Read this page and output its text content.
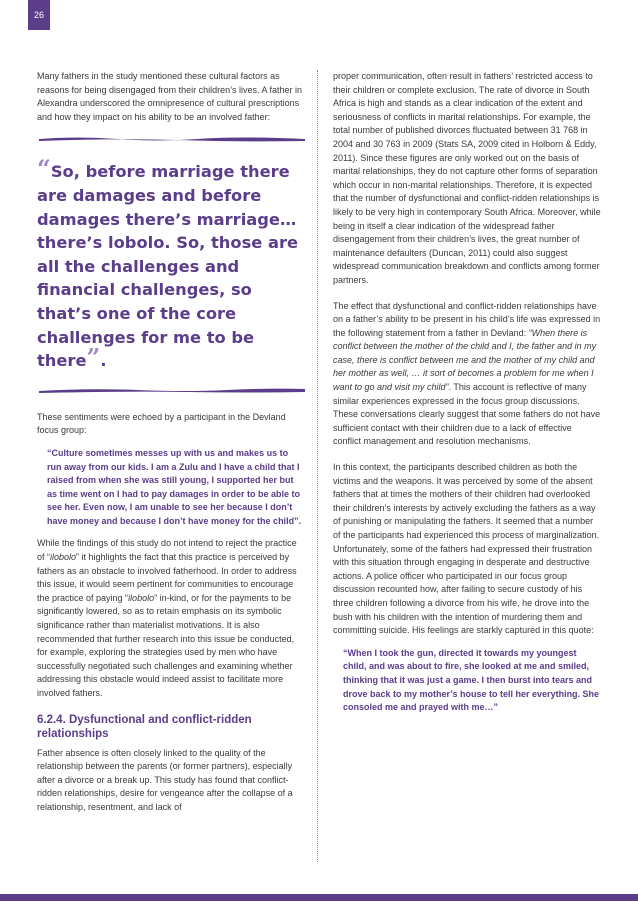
26

Many fathers in the study mentioned these cultural factors as reasons for being disengaged from their children’s lives. A father in Alexandra underscored the omnipresence of cultural prescriptions and how they impact on his ability to be an involved father:

“So, before marriage there are damages and before damages there’s marriage… there’s lobolo. So, those are all the challenges and financial challenges, so that’s one of the core challenges for me to be there”.

These sentiments were echoed by a participant in the Devland focus group:

“Culture sometimes messes up with us and makes us to run away from our kids. I am a Zulu and I have a child that I raised from when she was still young, I supported her but as time went on I had to pay damages in order to be able to see her. Even now, I am unable to see her because I don’t have money and because I don’t have money for the child”.

While the findings of this study do not intend to reject the practice of “ilobolo” it highlights the fact that this practice is perceived by fathers as an obstacle to involved fatherhood. In order to address this issue, it would seem pertinent for communities to encourage the practice of paying “ilobolo” in-kind, or for the payments to be significantly lowered, so as to retain emphasis on its symbolic significance rather than materialist motivations. It is also recommended that further research into this issue be conducted, for example, exploring the strategies used by men who have successfully negotiated such challenges and examining whether addressing this obstacle would indeed assist to facilitate more involved fathers.

6.2.4. Dysfunctional and conflict-ridden relationships

Father absence is often closely linked to the quality of the relationship between the parents (or former partners), especially after a divorce or a break up. This study has found that conflict- ridden relationships, desire for vengeance after the collapse of a relationship, resentment, and lack of

proper communication, often result in fathers’ restricted access to their children or complete exclusion. The rate of divorce in South Africa is high and stands as a clear indication of the extent and seriousness of conflicts in marital relationships. For example, the total number of published divorces fluctuated between 31 768 in 2004 and 30 763 in 2009 (Stats SA, 2009 cited in Holborn & Eddy, 2011). Since these figures are only worked out on the basis of marital relationships, they do not capture other forms of separation which occur in non-marital relationships. Therefore, it is expected that the number of dysfunctional and conflict-ridden relationships is likely to be very high in contemporary South Africa. Moreover, while being in itself a clear indication of the widespread father disengagement from their children’s lives, the great number of maintenance defaulters (Duncan, 2011) could also suggest widespread communication breakdown and conflicts among former partners.

The effect that dysfunctional and conflict-ridden relationships have on a father’s ability to be present in his child’s life was expressed in the following statement from a father in Devland: “When there is conflict between the mother of the child and I, the father and in my case, there is conflict between me and the mother of my child and her mother as well, … it sort of becomes a problem for me when I want to go and visit my child”. This account is reflective of many similar experiences expressed in the focus group discussions. These conversations clearly suggest that some fathers do not have sufficient contact with their children due to a lack of effective conflict management and resolution mechanisms.

In this context, the participants described children as both the victims and the weapons. It was perceived by some of the absent fathers that at times the mothers of their children had overlooked their children’s interests by actively excluding the fathers as a way of punishing or manipulating the fathers. It seemed that a number of the participants had experienced this process of marginalization. Unfortunately, some of the fathers had expressed their frustration with this situation through engaging in desperate and destructive actions. A police officer who participated in our focus group discussion recounted how, after failing to secure custody of his three children following a divorce from his wife, he drove into the bush with his children with the intention of murdering them and committing suicide. His feelings are starkly captured in this quote:

“When I took the gun, directed it towards my youngest child, and was about to fire, she looked at me and smiled, thinking that it was just a game. I then burst into tears and drove back to my mother’s house to tell her everything. She consoled me and prayed with me…”
